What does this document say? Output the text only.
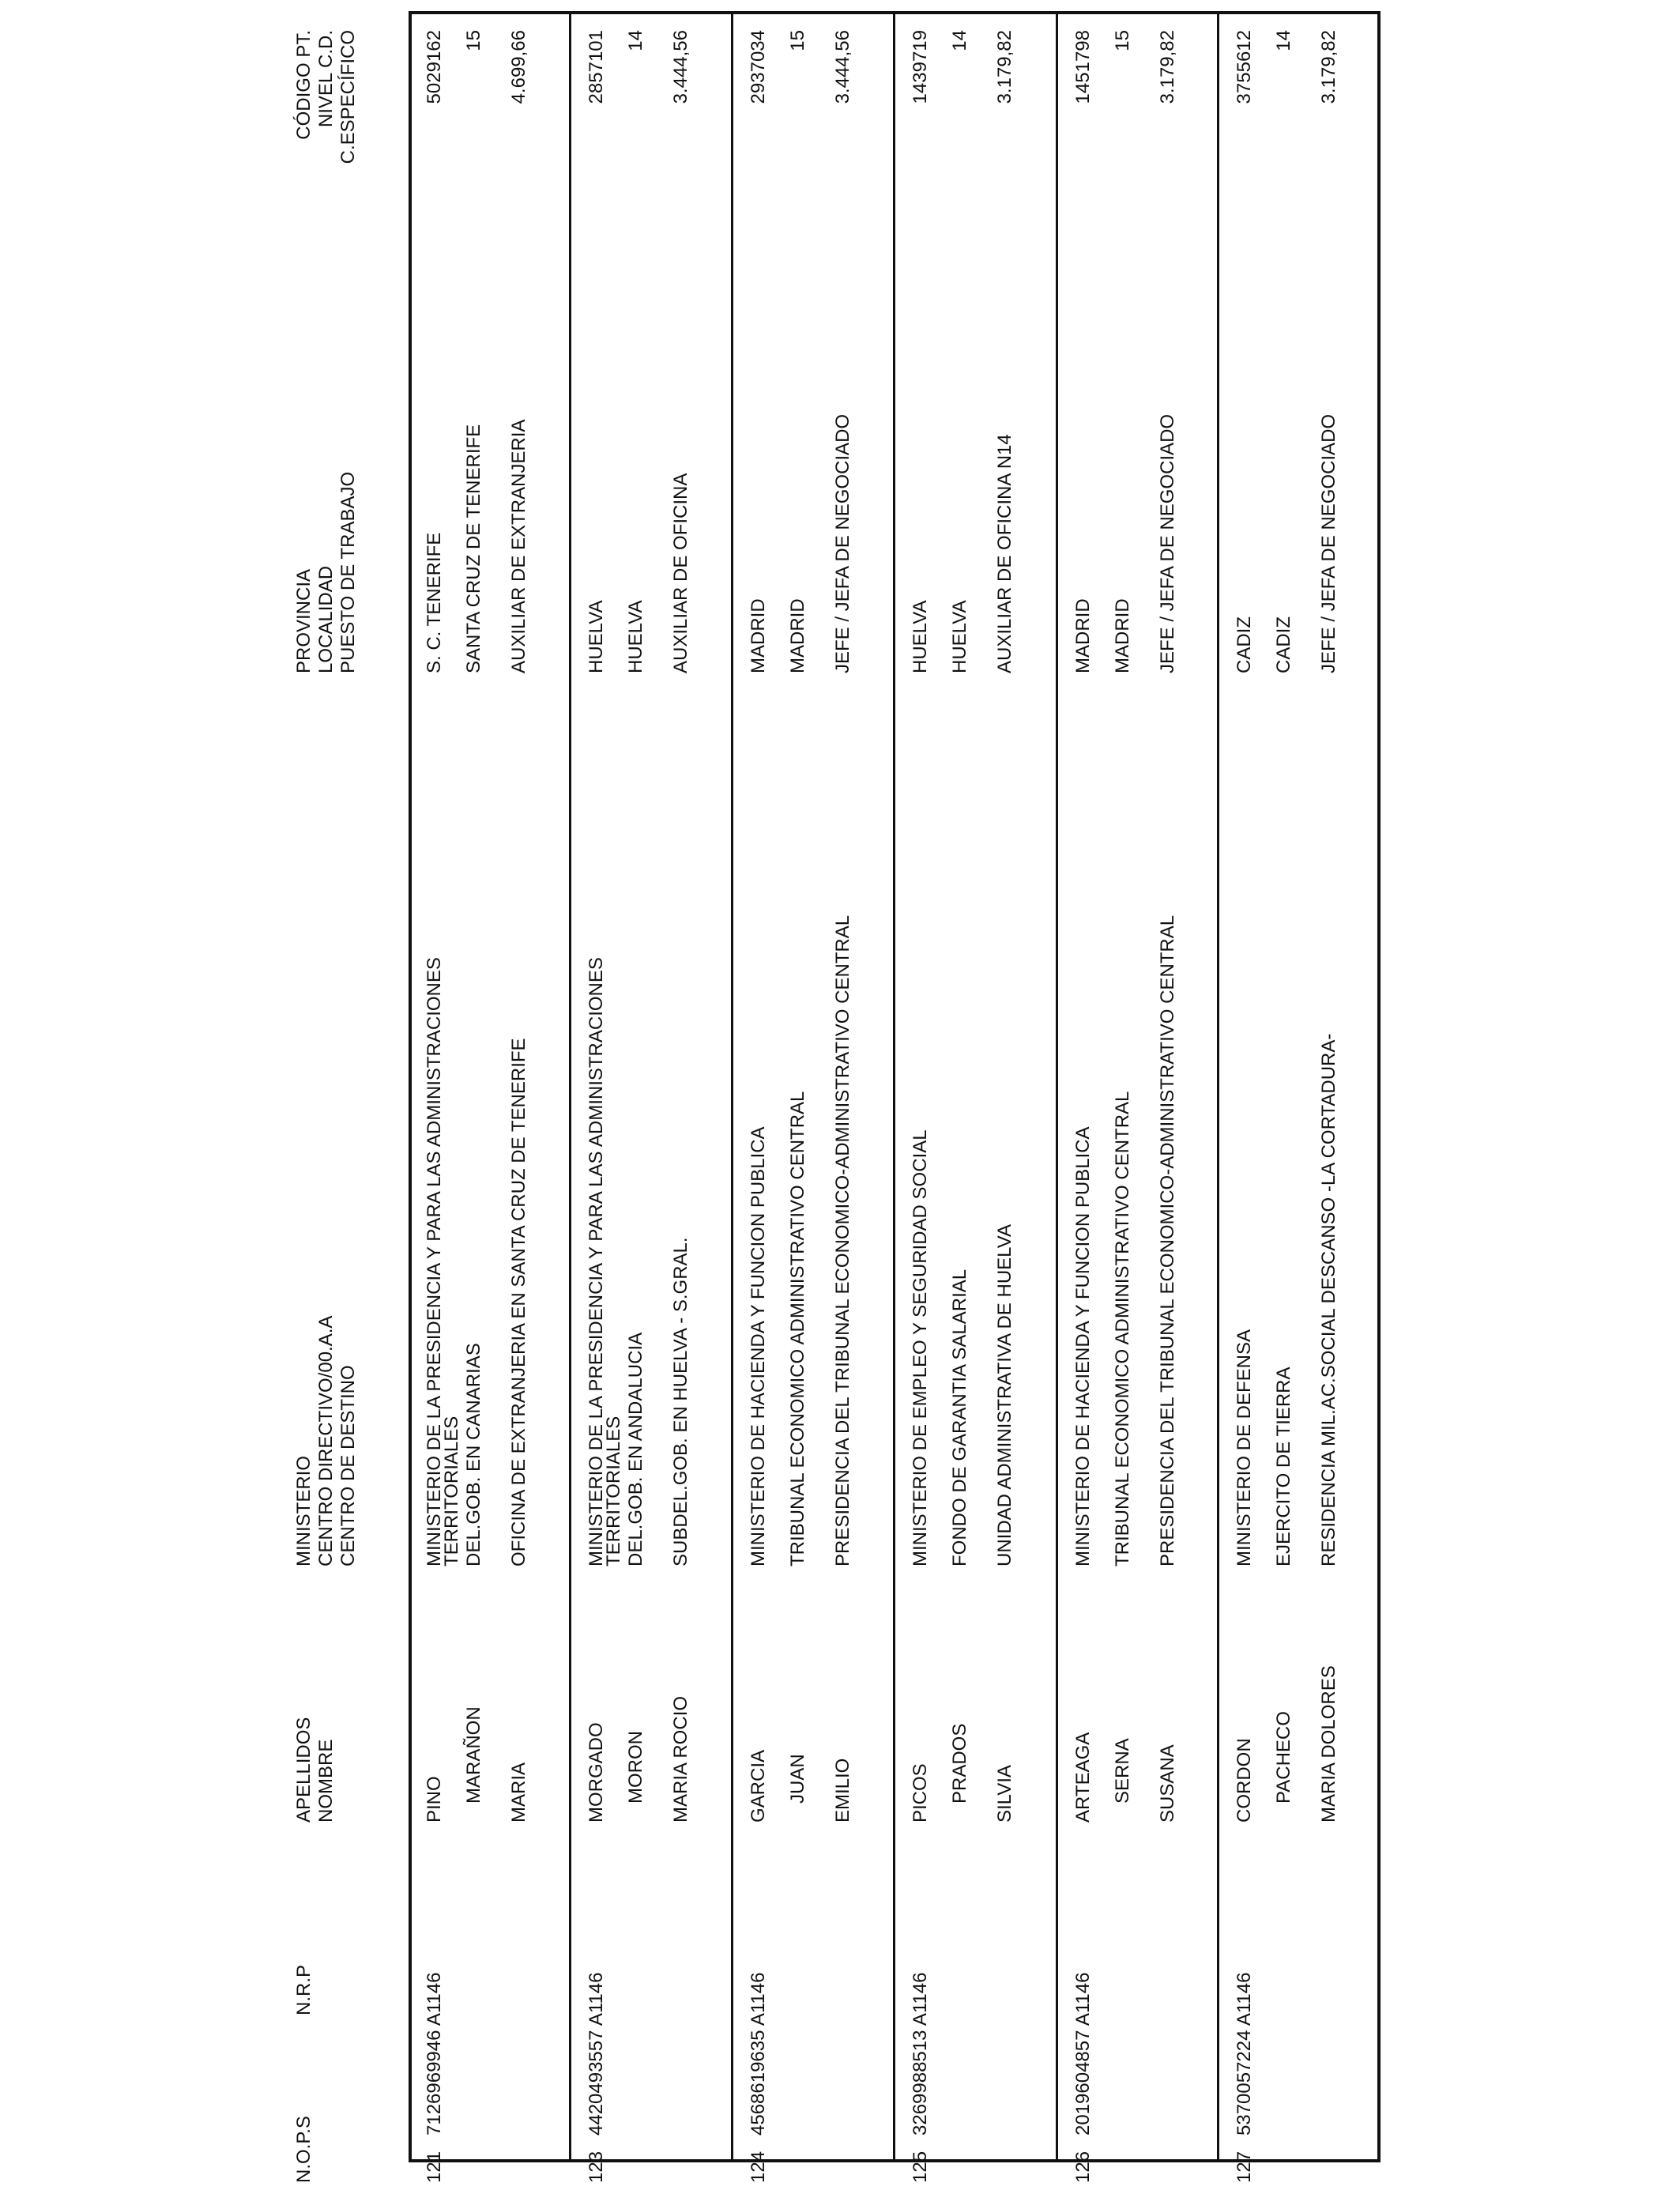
N.O.P.S
N.R.P
APELLIDOS NOMBRE
MINISTERIO CENTRO DIRECTIVO/00.A.A CENTRO DE DESTINO
PROVINCIA LOCALIDAD PUESTO DE TRABAJO
CÓDIGO PT. NIVEL C.D. C.ESPECÍFICO
121
7126969946 A1146
PINO MARAÑON MARIA
MINISTERIO DE LA PRESIDENCIA Y PARA LAS ADMINISTRACIONES
TERRITORIALES DEL.GOB. EN CANARIAS OFICINA DE EXTRANJERIA EN SANTA CRUZ DE TENERIFE
S. C. TENERIFE SANTA CRUZ DE TENERIFE AUXILIAR DE EXTRANJERIA
5029162 15 4.699,66
123
4420493557 A1146
MORGADO MORON MARIA ROCIO
MINISTERIO DE LA PRESIDENCIA Y PARA LAS ADMINISTRACIONES
TERRITORIALES DEL.GOB. EN ANDALUCIA SUBDEL.GOB. EN HUELVA - S.GRAL.
HUELVA HUELVA AUXILIAR DE OFICINA
2857101 14 3.444,56
124
4568619635 A1146
GARCIA JUAN EMILIO
MINISTERIO DE HACIENDA Y FUNCION PUBLICA TRIBUNAL ECONOMICO ADMINISTRATIVO CENTRAL PRESIDENCIA DEL TRIBUNAL ECONOMICO-ADMINISTRATIVO CENTRAL
MADRID MADRID JEFE / JEFA DE NEGOCIADO
2937034 15 3.444,56
125
3269988513 A1146
PICOS PRADOS SILVIA
MINISTERIO DE EMPLEO Y SEGURIDAD SOCIAL FONDO DE GARANTIA SALARIAL UNIDAD ADMINISTRATIVA DE HUELVA
HUELVA HUELVA AUXILIAR DE OFICINA N14
1439719 14 3.179,82
126
2019604857 A1146
ARTEAGA SERNA SUSANA
MINISTERIO DE HACIENDA Y FUNCION PUBLICA TRIBUNAL ECONOMICO ADMINISTRATIVO CENTRAL PRESIDENCIA DEL TRIBUNAL ECONOMICO-ADMINISTRATIVO CENTRAL
MADRID MADRID JEFE / JEFA DE NEGOCIADO
1451798 15 3.179,82
127
5370057224 A1146
CORDON PACHECO MARIA DOLORES
MINISTERIO DE DEFENSA EJERCITO DE TIERRA RESIDENCIA MIL.AC.SOCIAL DESCANSO -LA CORTADURA-
CADIZ CADIZ JEFE / JEFA DE NEGOCIADO
3755612 14 3.179,82
